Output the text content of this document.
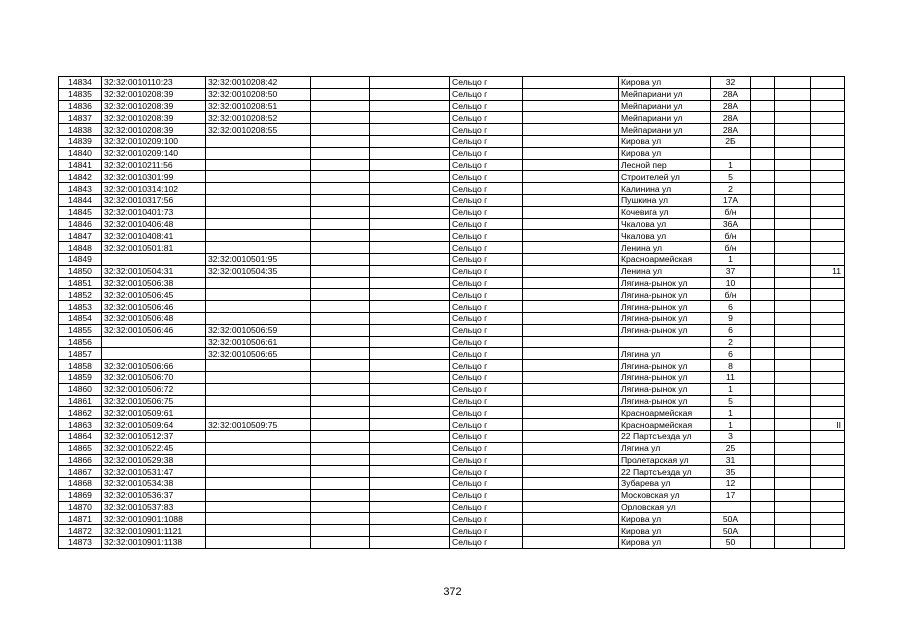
14834	32:32:0010110:23	32:32:0010208:42			Сельцо г		Кирова ул	32			
14835	32:32:0010208:39	32:32:0010208:50			Сельцо г		Мейпариани ул	28А			
14836	32:32:0010208:39	32:32:0010208:51			Сельцо г		Мейпариани ул	28А			
14837	32:32:0010208:39	32:32:0010208:52			Сельцо г		Мейпариани ул	28А			
14838	32:32:0010208:39	32:32:0010208:55			Сельцо г		Мейпариани ул	28А			
14839	32:32:0010209:100				Сельцо г		Кирова ул	2Б			
14840	32:32:0010209:140				Сельцо г		Кирова ул				
14841	32:32:0010211:56				Сельцо г		Лесной пер	1			
14842	32:32:0010301:99				Сельцо г		Строителей ул	5			
14843	32:32:0010314:102				Сельцо г		Калинина ул	2			
14844	32:32:0010317:56				Сельцо г		Пушкина ул	17А			
14845	32:32:0010401:73				Сельцо г		Кочевига ул	б/н			
14846	32:32:0010406:48				Сельцо г		Чкалова ул	36А			
14847	32:32:0010408:41				Сельцо г		Чкалова ул	б/н			
14848	32:32:0010501:81				Сельцо г		Ленина ул	б/н			
14849		32:32:0010501:95			Сельцо г		Красноармейская	1			
14850	32:32:0010504:31	32:32:0010504:35			Сельцо г		Ленина ул	37			11
14851	32:32:0010506:38				Сельцо г		Лягина-рынок ул	10			
14852	32:32:0010506:45				Сельцо г		Лягина-рынок ул	б/н			
14853	32:32:0010506:46				Сельцо г		Лягина-рынок ул	6			
14854	32:32:0010506:48				Сельцо г		Лягина-рынок ул	9			
14855	32:32:0010506:46	32:32:0010506:59			Сельцо г		Лягина-рынок ул	6			
14856		32:32:0010506:61			Сельцо г			2			
14857		32:32:0010506:65			Сельцо г		Лягина ул	6			
14858	32:32:0010506:66				Сельцо г		Лягина-рынок ул	8			
14859	32:32:0010506:70				Сельцо г		Лягина-рынок ул	11			
14860	32:32:0010506:72				Сельцо г		Лягина-рынок ул	1			
14861	32:32:0010506:75				Сельцо г		Лягина-рынок ул	5			
14862	32:32:0010509:61				Сельцо г		Красноармейская	1			
14863	32:32:0010509:64	32:32:0010509:75			Сельцо г		Красноармейская	1			II
14864	32:32:0010512:37				Сельцо г		22 Партсъезда ул	3			
14865	32:32:0010522:45				Сельцо г		Лягина ул	25			
14866	32:32:0010529:38				Сельцо г		Пролетарская ул	31			
14867	32:32:0010531:47				Сельцо г		22 Партсъезда ул	35			
14868	32:32:0010534:38				Сельцо г		Зубарева ул	12			
14869	32:32:0010536:37				Сельцо г		Московская ул	17			
14870	32:32:0010537:83				Сельцо г		Орловская ул				
14871	32:32:0010901:1088				Сельцо г		Кирова ул	50А			
14872	32:32:0010901:1121				Сельцо г		Кирова ул	50А			
14873	32:32:0010901:1138				Сельцо г		Кирова ул	50			
372
